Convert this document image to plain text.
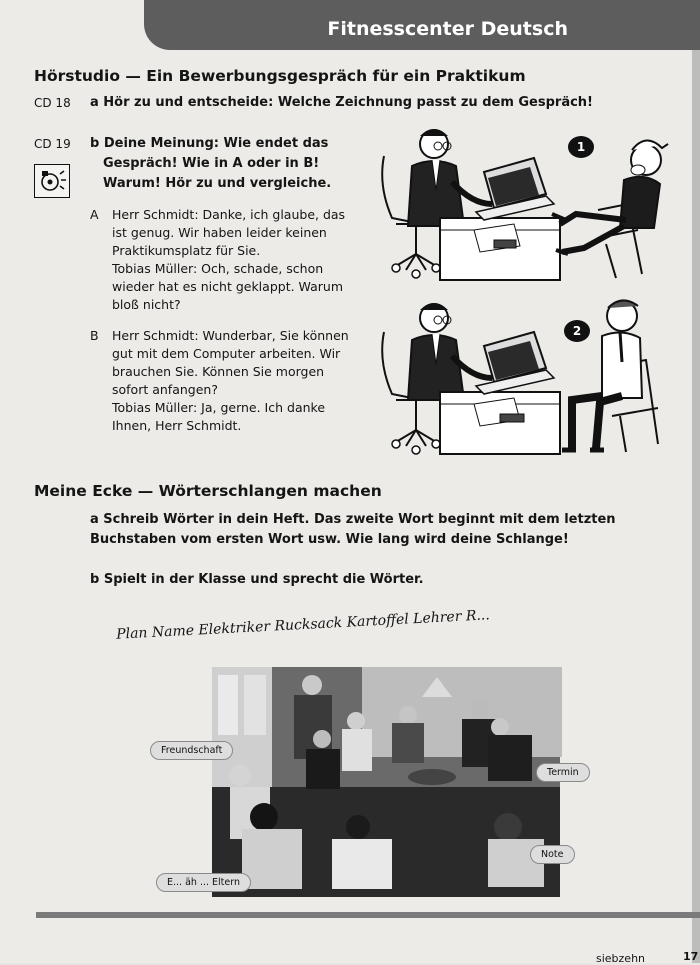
Fitnesscenter Deutsch
Hörstudio — Ein Bewerbungsgespräch für ein Praktikum
CD 18 a Hör zu und entscheide: Welche Zeichnung passt zu dem Gespräch!
CD 19 b Deine Meinung: Wie endet das
Gespräch! Wie in A oder in B!
Warum! Hör zu und vergleiche.
A Herr Schmidt: Danke, ich glaube, das
ist genug. Wir haben leider keinen
Praktikumsplatz für Sie.
Tobias Müller: Och, schade, schon
wieder hat es nicht geklappt. Warum
bloß nicht?
B Herr Schmidt: Wunderbar, Sie können
gut mit dem Computer arbeiten. Wir
brauchen Sie. Können Sie morgen
sofort anfangen?
Tobias Müller: Ja, gerne. Ich danke
Ihnen, Herr Schmidt.
1
2
Meine Ecke — Wörterschlangen machen
a Schreib Wörter in dein Heft. Das zweite Wort beginnt mit dem letzten
Buchstaben vom ersten Wort usw. Wie lang wird deine Schlange!
b Spielt in der Klasse und sprecht die Wörter.
Plan Name Elektriker Rucksack Kartoffel Lehrer R...
Freundschaft
Termin
Note
E... äh ... Eltern
siebzehn	17
